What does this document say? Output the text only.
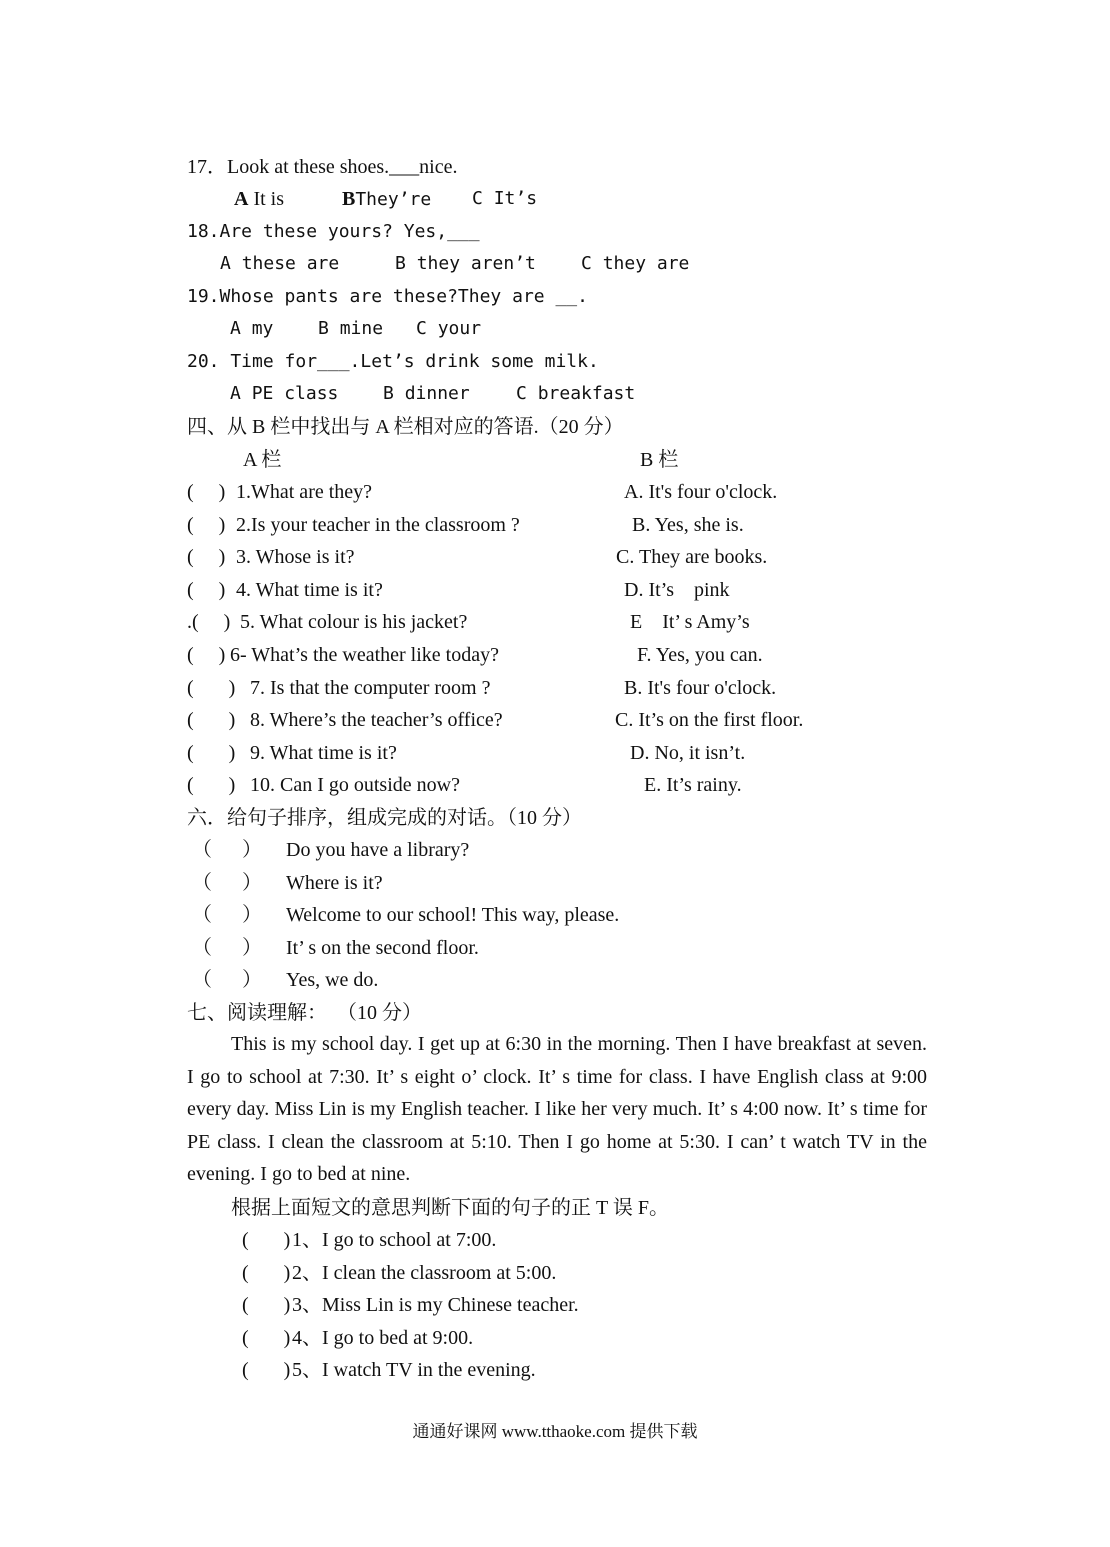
17．Look at these shoes.___nice.
A It is	BThey’re C It’s
18.Are these yours? Yes,___
A these are	B they aren’t	C they are
19.Whose pants are these?They are __.
A my B mine C your
20. Time for___.Let’s drink some milk.
A PE class B dinner	C breakfast
四、从 B 栏中找出与 A 栏相对应的答语.（20 分）
A 栏	B 栏
(     ) 1.What are they?	A. It's four o'clock.
(     ) 2.Is your teacher in the classroom ?	B. Yes, she is.
(     ) 3. Whose is it?	C. They are books.
(     ) 4. What time is it?	D. It’s    pink
.(     ) 5. What colour is his jacket?	E    It’ s Amy’s
(     ) 6- What’s the weather like today?	F. Yes, you can.
(       ) 7. Is that the computer room ?	B. It's four o'clock.
(       ) 8. Where’s the teacher’s office?	C. It’s on the first floor.
(       ) 9. What time is it?	D. No, it isn’t.
(       ) 10. Can I go outside now?	E. It’s rainy.
六．给句子排序，组成完成的对话。（10 分）
（      ） Do you have a library?
（      ） Where is it?
（      ） Welcome to our school! This way, please.
（      ） It’ s on the second floor.
（      ） Yes, we do.
七、阅读理解：  （10 分）
This is my school day. I get up at 6:30 in the morning. Then I have breakfast at seven. I go to school at 7:30. It’ s eight o’ clock. It’ s time for class. I have English class at 9:00 every day. Miss Lin is my English teacher. I like her very much. It’ s 4:00 now. It’ s time for PE class. I clean the classroom at 5:10. Then I go home at 5:30. I can’ t watch TV in the evening. I go to bed at nine.
根据上面短文的意思判断下面的句子的正 T 误 F。
(       ) 1、I go to school at 7:00.
(       ) 2、I clean the classroom at 5:00.
(       ) 3、Miss Lin is my Chinese teacher.
(       ) 4、I go to bed at 9:00.
(       ) 5、I watch TV in the evening.
通通好课网 www.tthaoke.com 提供下载
